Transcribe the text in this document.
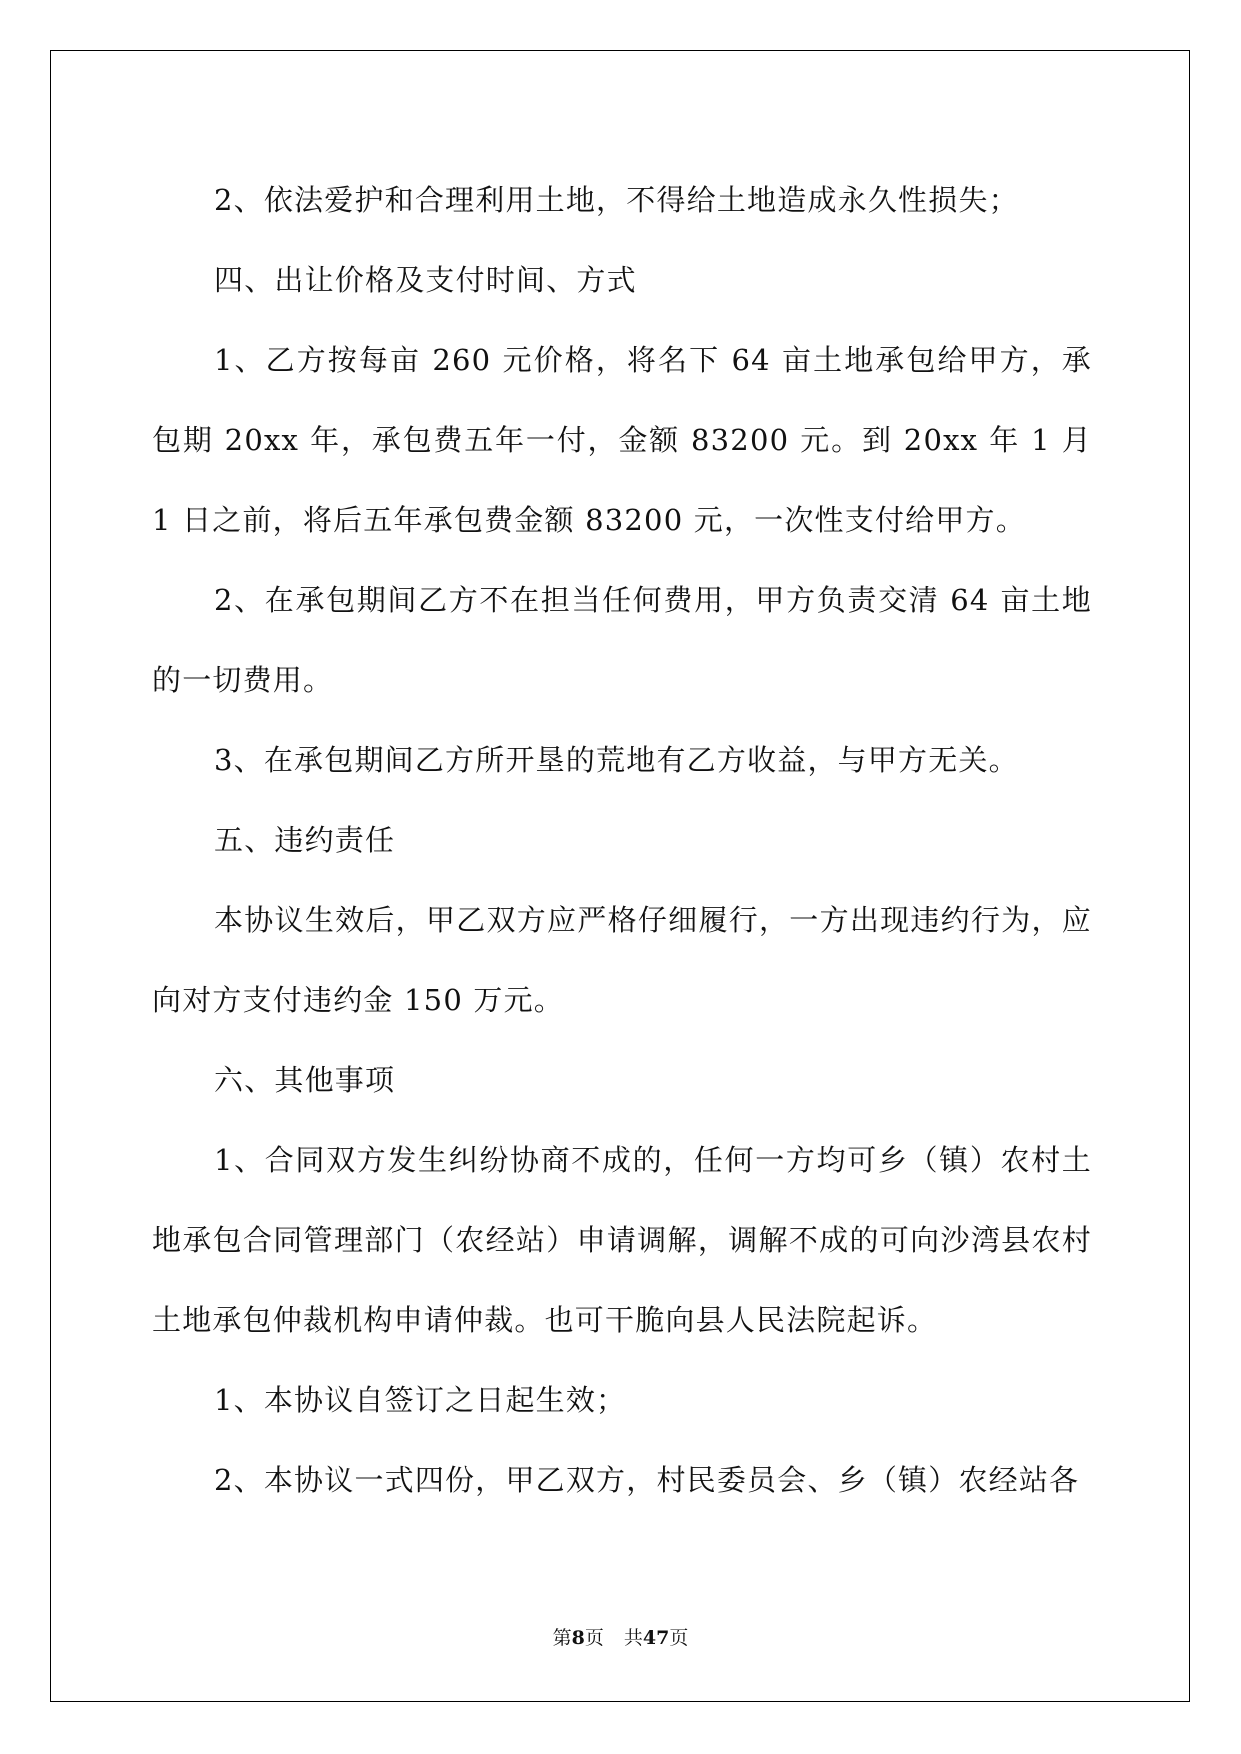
2、依法爱护和合理利用土地，不得给土地造成永久性损失；

四、出让价格及支付时间、方式

1、乙方按每亩 260 元价格，将名下 64 亩土地承包给甲方，承包期 20xx 年，承包费五年一付，金额 83200 元。到 20xx 年 1 月 1 日之前，将后五年承包费金额 83200 元，一次性支付给甲方。

2、在承包期间乙方不在担当任何费用，甲方负责交清 64 亩土地的一切费用。

3、在承包期间乙方所开垦的荒地有乙方收益，与甲方无关。

五、违约责任

本协议生效后，甲乙双方应严格仔细履行，一方出现违约行为，应向对方支付违约金 150 万元。

六、其他事项

1、合同双方发生纠纷协商不成的，任何一方均可乡（镇）农村土地承包合同管理部门（农经站）申请调解，调解不成的可向沙湾县农村土地承包仲裁机构申请仲裁。也可干脆向县人民法院起诉。

1、本协议自签订之日起生效；

2、本协议一式四份，甲乙双方，村民委员会、乡（镇）农经站各

第8页 共47页
